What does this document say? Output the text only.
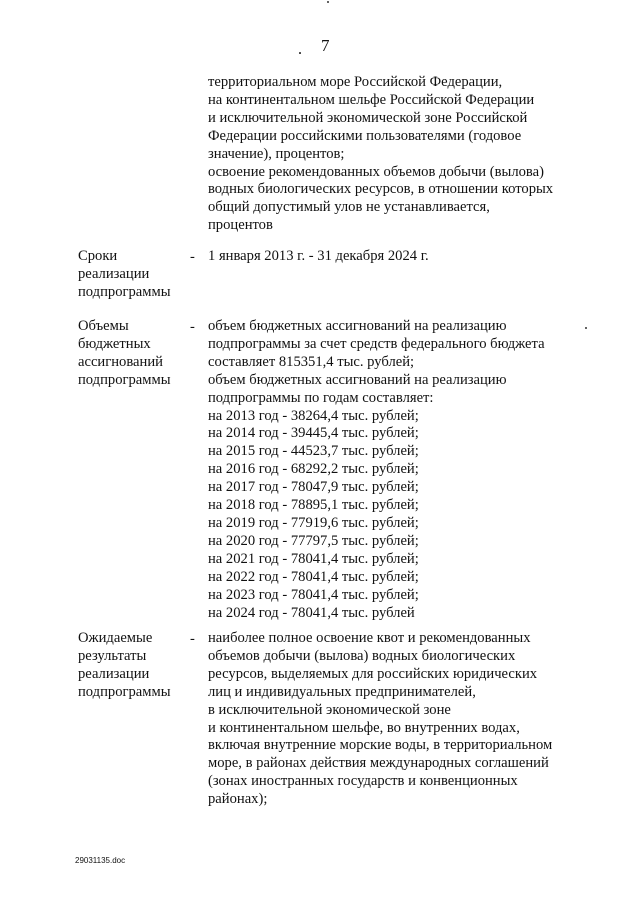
7
территориальном море Российской Федерации,
на континентальном шельфе Российской Федерации
и исключительной экономической зоне Российской
Федерации российскими пользователями (годовое
значение), процентов;
освоение рекомендованных объемов добычи (вылова)
водных биологических ресурсов, в отношении которых
общий допустимый улов не устанавливается,
процентов
Сроки
реализации
подпрограммы
- 1 января 2013 г. - 31 декабря 2024 г.
Объемы
бюджетных
ассигнований
подпрограммы
- объем бюджетных ассигнований на реализацию
подпрограммы за счет средств федерального бюджета
составляет 815351,4 тыс. рублей;
объем бюджетных ассигнований на реализацию
подпрограммы по годам составляет:
на 2013 год - 38264,4 тыс. рублей;
на 2014 год - 39445,4 тыс. рублей;
на 2015 год - 44523,7 тыс. рублей;
на 2016 год - 68292,2 тыс. рублей;
на 2017 год - 78047,9 тыс. рублей;
на 2018 год - 78895,1 тыс. рублей;
на 2019 год - 77919,6 тыс. рублей;
на 2020 год - 77797,5 тыс. рублей;
на 2021 год - 78041,4 тыс. рублей;
на 2022 год - 78041,4 тыс. рублей;
на 2023 год - 78041,4 тыс. рублей;
на 2024 год - 78041,4 тыс. рублей
Ожидаемые
результаты
реализации
подпрограммы
- наиболее полное освоение квот и рекомендованных
объемов добычи (вылова) водных биологических
ресурсов, выделяемых для российских юридических
лиц и индивидуальных предпринимателей,
в исключительной экономической зоне
и континентальном шельфе, во внутренних водах,
включая внутренние морские воды, в территориальном
море, в районах действия международных соглашений
(зонах иностранных государств и конвенционных
районах);
29031135.doc
